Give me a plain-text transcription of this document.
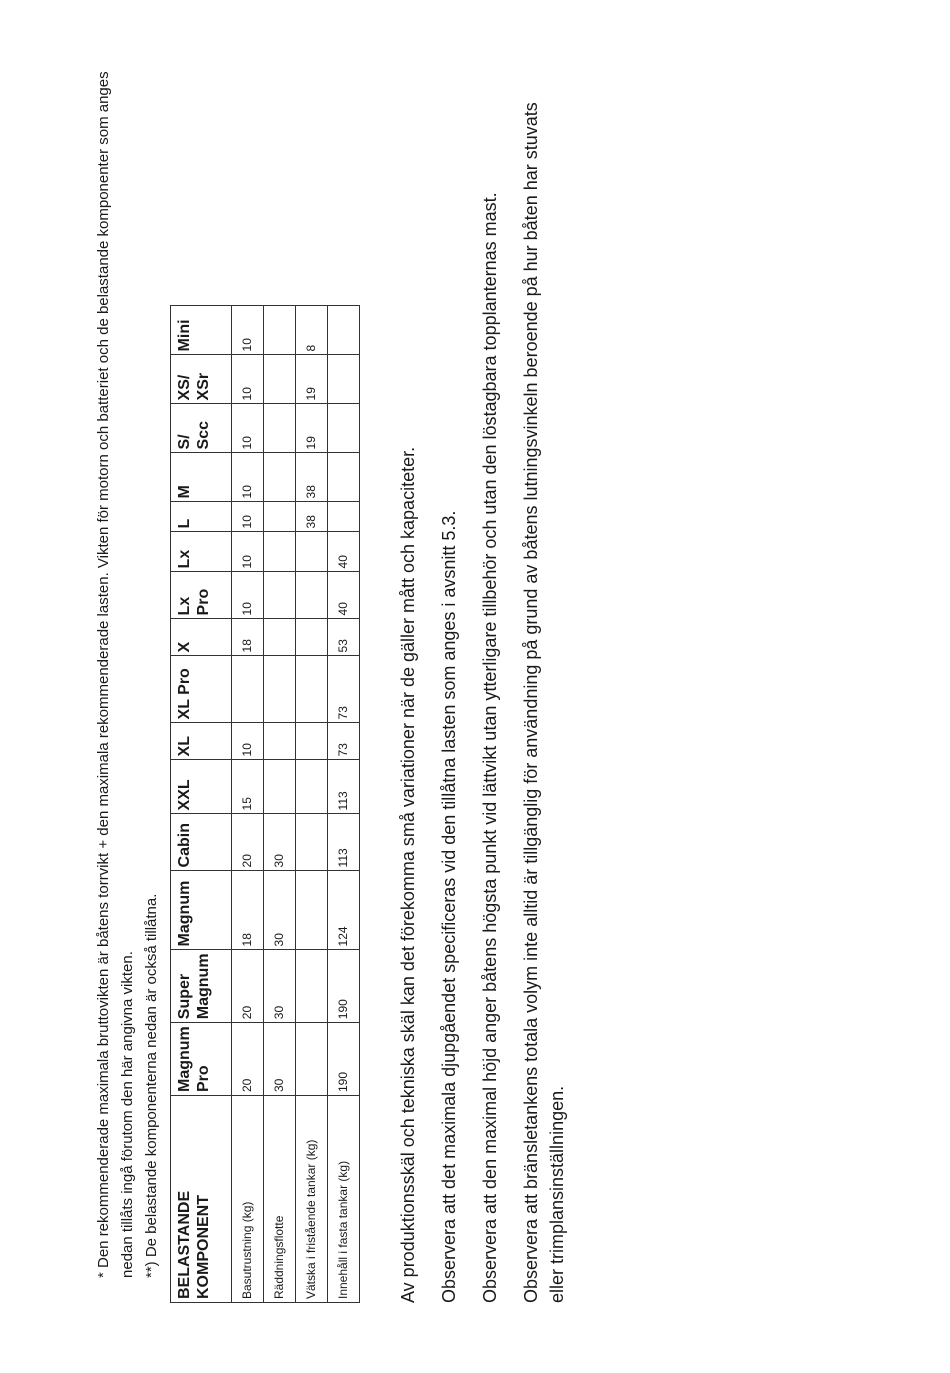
* Den rekommenderade maximala bruttovikten är båtens torrvikt + den maximala rekommenderade lasten. Vikten för motorn och batteriet och de belastande komponenter som anges nedan tillåts ingå förutom den här angivna vikten. **) De belastande komponenterna nedan är också tillåtna. BELASTANDE KOMPONENT	Magnum Pro	Super Magnum	Magnum	Cabin	XXL	XL	XL Pro	X	Lx Pro	Lx	L	M	S/ Scc	XS/ XSr	Mini
Basutrustning (kg)	20	20	18	20	15	10		18	10	10	10	10	10	10	10
Räddningsflotte	30	30	30	30											
Vätska i fristående tankar (kg)											38	38	19	19	8
Innehåll i fasta tankar (kg)	190	190	124	113	113	73	73	53	40	40						Av produktionsskäl och tekniska skäl kan det förekomma små variationer när de gäller mått och kapaciteter. Observera att det maximala djupgåendet specificeras vid den tillåtna lasten som anges i avsnitt 5.3. Observera att den maximal höjd anger båtens högsta punkt vid lättvikt utan ytterligare tillbehör och utan den löstagbara topplanternas mast. Observera att bränsletankens totala volym inte alltid är tillgänglig för användning på grund av båtens lutningsvinkeln beroende på hur båten har stuvats eller trimplansinställningen.
